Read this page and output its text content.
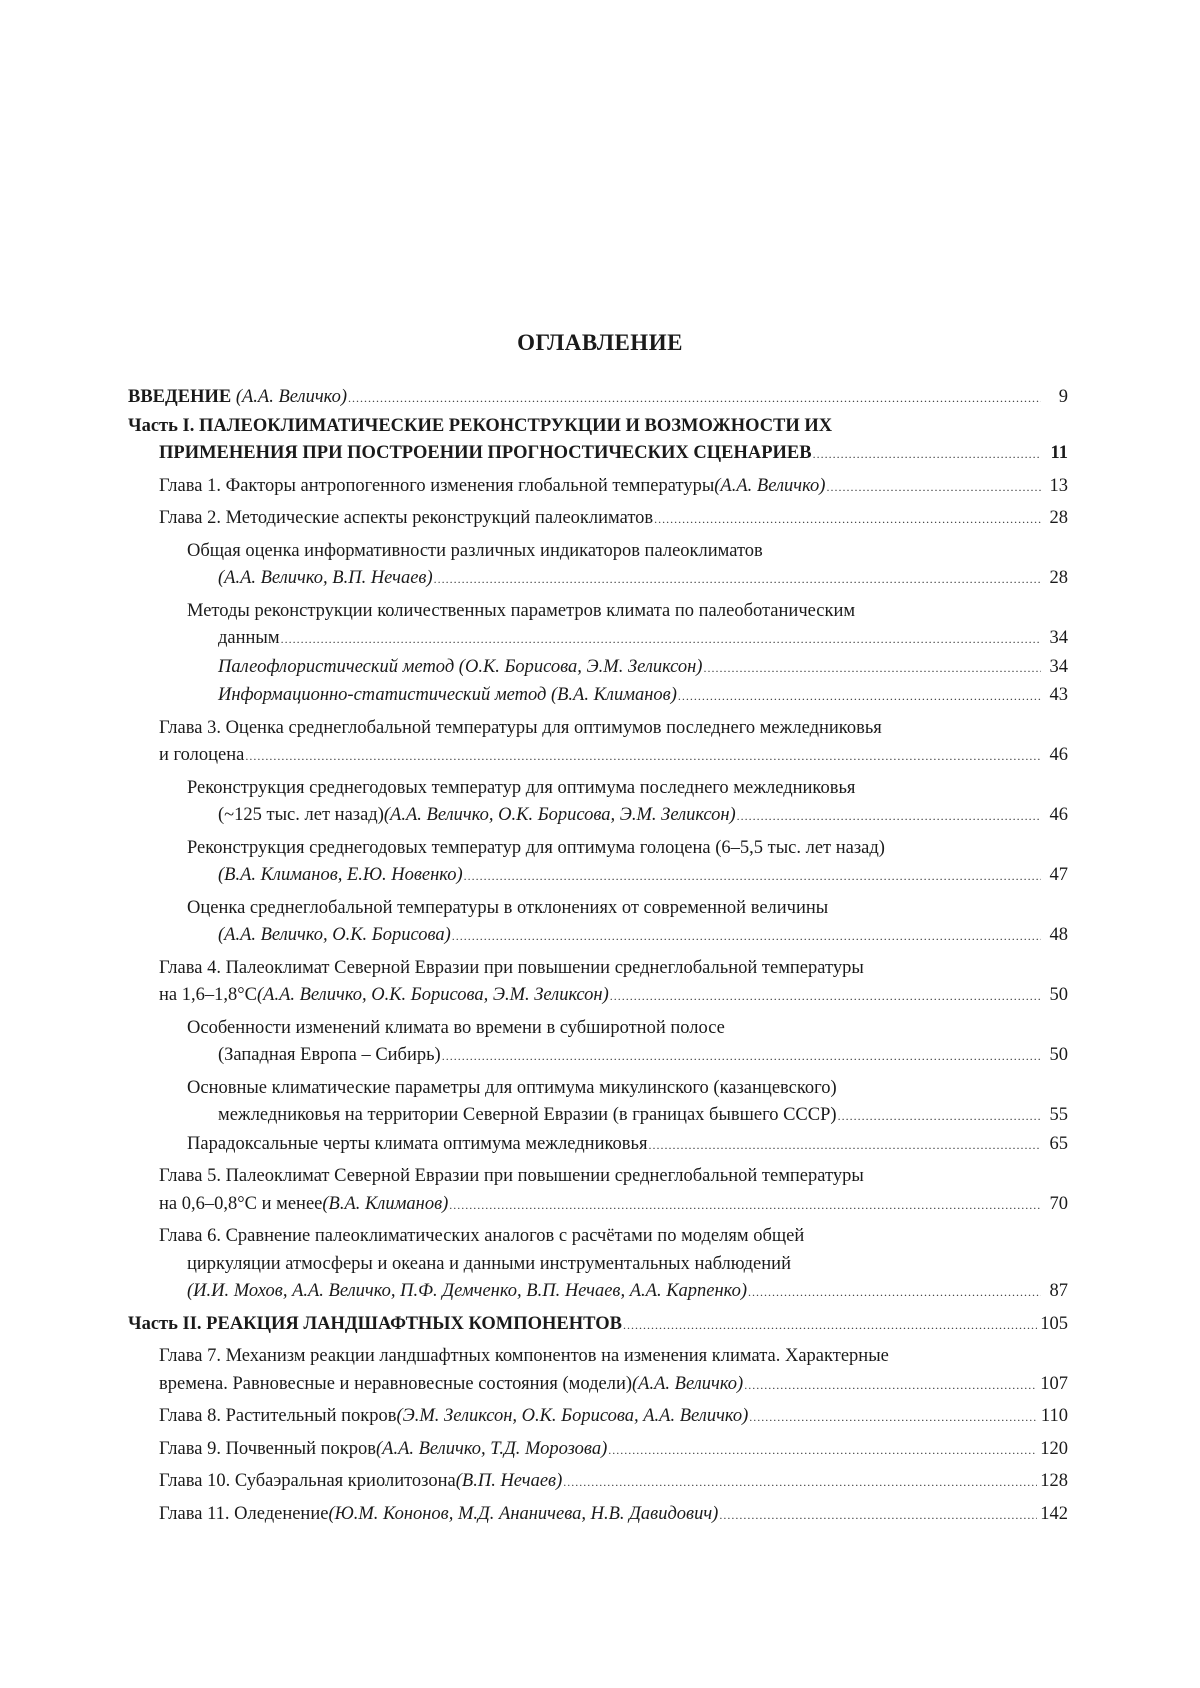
ОГЛАВЛЕНИЕ
ВВЕДЕНИЕ
(А.А. Величко) .....	9
Часть I. ПАЛЕОКЛИМАТИЧЕСКИЕ РЕКОНСТРУКЦИИ И ВОЗМОЖНОСТИ ИХ
ПРИМЕНЕНИЯ ПРИ ПОСТРОЕНИИ ПРОГНОСТИЧЕСКИХ СЦЕНАРИЕВ .....	11
Глава 1. Факторы антропогенного изменения глобальной температуры (А.А. Величко) .....	13
Глава 2. Методические аспекты реконструкций палеоклиматов .....	28
Общая оценка информативности различных индикаторов палеоклиматов
(А.А. Величко, В.П. Нечаев) .....	28
Методы реконструкции количественных параметров климата по палеоботаническим
данным .....	34
Палеофлористический метод (О.К. Борисова, Э.М. Зеликсон) .....	34
Информационно-статистический метод (В.А. Климанов) .....	43
Глава 3. Оценка среднеглобальной температуры для оптимумов последнего межледниковья
и голоцена .....	46
Реконструкция среднегодовых температур для оптимума последнего межледниковья
(~125 тыс. лет назад) (А.А. Величко, О.К. Борисова, Э.М. Зеликсон) .....	46
Реконструкция среднегодовых температур для оптимума голоцена (6–5,5 тыс. лет назад)
(В.А. Климанов, Е.Ю. Новенко) .....	47
Оценка среднеглобальной температуры в отклонениях от современной величины
(А.А. Величко, О.К. Борисова) .....	48
Глава 4. Палеоклимат Северной Евразии при повышении среднеглобальной температуры
на 1,6–1,8°С (А.А. Величко, О.К. Борисова, Э.М. Зеликсон) .....	50
Особенности изменений климата во времени в субширотной полосе
(Западная Европа – Сибирь) .....	50
Основные климатические параметры для оптимума микулинского (казанцевского)
межледниковья на территории Северной Евразии (в границах бывшего СССР) .....	55
Парадоксальные черты климата оптимума межледниковья .....	65
Глава 5. Палеоклимат Северной Евразии при повышении среднеглобальной температуры
на 0,6–0,8°С и менее (В.А. Климанов) .....	70
Глава 6. Сравнение палеоклиматических аналогов с расчётами по моделям общей
циркуляции атмосферы и океана и данными инструментальных наблюдений
(И.И. Мохов, А.А. Величко, П.Ф. Демченко, В.П. Нечаев, А.А. Карпенко) .....	87
Часть II. РЕАКЦИЯ ЛАНДШАФТНЫХ КОМПОНЕНТОВ .....	105
Глава 7. Механизм реакции ландшафтных компонентов на изменения климата. Характерные
времена. Равновесные и неравновесные состояния (модели) (А.А. Величко) .....	107
Глава 8. Растительный покров (Э.М. Зеликсон, О.К. Борисова, А.А. Величко) .....	110
Глава 9. Почвенный покров (А.А. Величко, Т.Д. Морозова) .....	120
Глава 10. Субаэральная криолитозона (В.П. Нечаев) .....	128
Глава 11. Оледенение (Ю.М. Кононов, М.Д. Ананичева, Н.В. Давидович) .....	142
